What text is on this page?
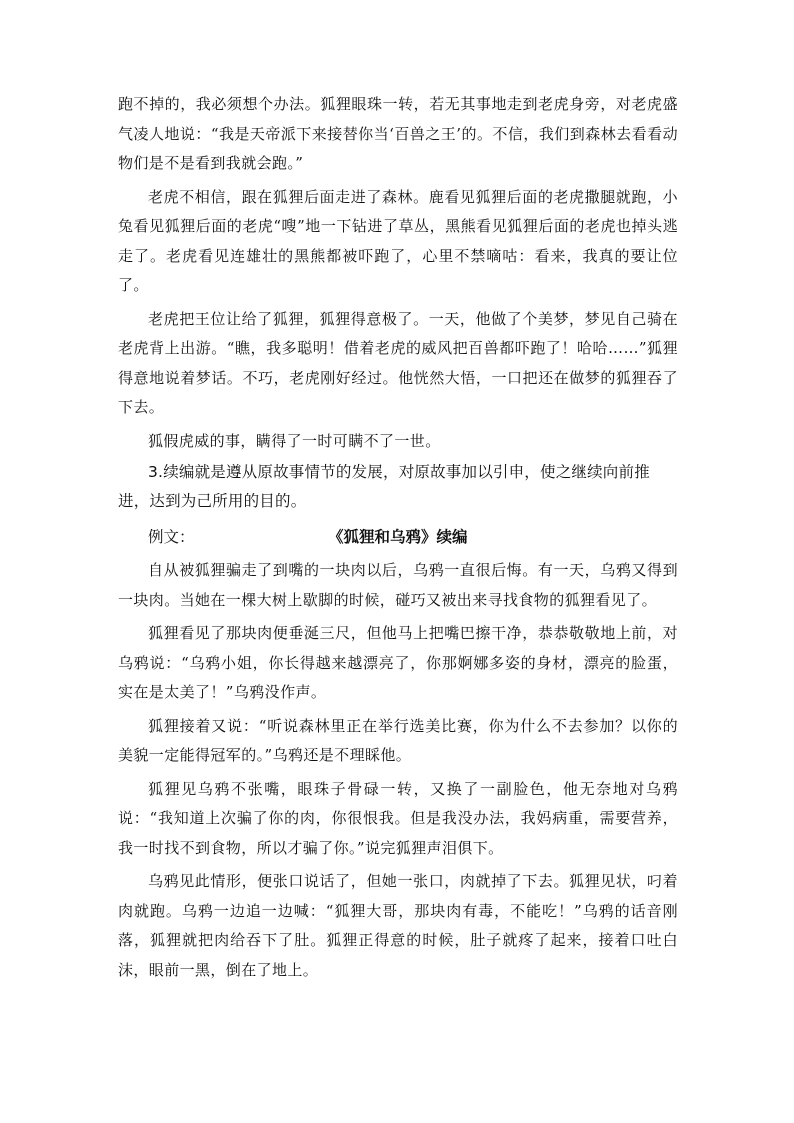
跑不掉的，我必须想个办法。狐狸眼珠一转，若无其事地走到老虎身旁，对老虎盛气凌人地说：“我是天帝派下来接替你当‘百兽之王’的。不信，我们到森林去看看动物们是不是看到我就会跑。”

老虎不相信，跟在狐狸后面走进了森林。鹿看见狐狸后面的老虎撒腿就跑，小兔看见狐狸后面的老虎“嗖”地一下钻进了草丛，黑熊看见狐狸后面的老虎也掉头逃走了。老虎看见连雄壮的黑熊都被吓跑了，心里不禁嘀咕：看来，我真的要让位了。

老虎把王位让给了狐狸，狐狸得意极了。一天，他做了个美梦，梦见自己骑在老虎背上出游。“瞧，我多聪明！借着老虎的威风把百兽都吓跑了！哈哈……”狐狸得意地说着梦话。不巧，老虎刚好经过。他恍然大悟，一口把还在做梦的狐狸吞了下去。

狐假虎威的事，瞒得了一时可瞒不了一世。

3.续编就是遵从原故事情节的发展，对原故事加以引申，使之继续向前推进，达到为己所用的目的。

例文：	《狐狸和乌鸦》续编

自从被狐狸骗走了到嘴的一块肉以后，乌鸦一直很后悔。有一天，乌鸦又得到一块肉。当她在一棵大树上歇脚的时候，碰巧又被出来寻找食物的狐狸看见了。

狐狸看见了那块肉便垂涎三尺，但他马上把嘴巴擦干净，恭恭敬敬地上前，对乌鸦说：“乌鸦小姐，你长得越来越漂亮了，你那婀娜多姿的身材，漂亮的脸蛋，实在是太美了！”乌鸦没作声。

狐狸接着又说：“听说森林里正在举行选美比赛，你为什么不去参加？以你的美貌一定能得冠军的。”乌鸦还是不理睬他。

狐狸见乌鸦不张嘴，眼珠子骨碌一转，又换了一副脸色，他无奈地对乌鸦说：“我知道上次骗了你的肉，你很恨我。但是我没办法，我妈病重，需要营养，我一时找不到食物，所以才骗了你。”说完狐狸声泪俱下。

乌鸦见此情形，便张口说话了，但她一张口，肉就掉了下去。狐狸见状，叼着肉就跑。乌鸦一边追一边喊：“狐狸大哥，那块肉有毒，不能吃！”乌鸦的话音刚落，狐狸就把肉给吞下了肚。狐狸正得意的时候，肚子就疼了起来，接着口吐白沫，眼前一黑，倒在了地上。
